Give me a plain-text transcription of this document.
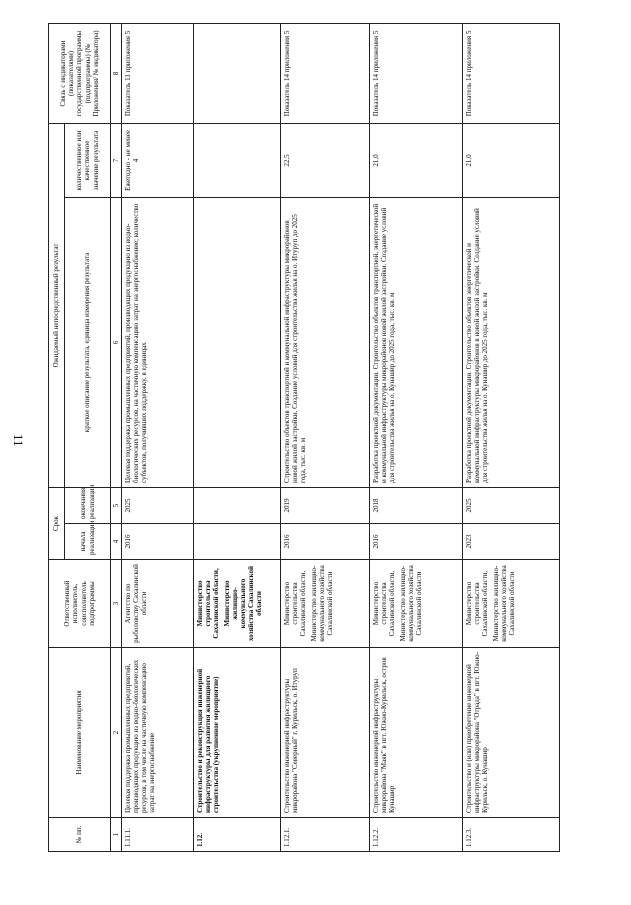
11
№ пп.	Наименование мероприятия	Ответственный исполнитель, соисполнитель подпрограммы	Срок		Ожидаемый непосредственный результат		Связь с индикаторами (показателями) государственной программы (подпрограммы) (№ Приложения/ № индикатора)
			начала реализации	окончания реализации	краткое описание результата, единица измерения результата	количественное или качественное значение результата	
1	2	3	4	5	6	7	8
1.11.1.	Целевая поддержка промышленных предприятий, производящих продукцию из водно-биологических ресурсов, в том числе на частичную компенсацию затрат на энергоснабжение	Агентство по рыболовству Сахалинской области	2016	2025	Целевая поддержка промышленных предприятий, производящих продукцию из водно-биологических ресурсов, на частичную компенсацию затрат на энергоснабжение; количество субъектов, получивших поддержку, в единицах	Ежегодно - не менее 4	Показатель 11 приложения 5
1.12.	Строительство и реконструкция инженерной инфраструктуры для развития жилищного строительства (укрупненное мероприятие)	Министерство строительства Сахалинской области, Министерство жилищно-коммунального хозяйства Сахалинской области					

1.12.1.	Строительство инженерной инфраструктуры микрорайона "Северный" г. Курильск, о. Итуруп	Министерство строительства Сахалинской области, Министерство жилищно-коммунального хозяйства Сахалинской области	2016	2019	Строительство объектов транспортной и коммунальной инфраструктуры микрорайонов новой жилой застройки. Создание условий для строительства жилья на о. Итуруп до 2025 года, тыс. кв. м	22,5	Показатель 14 приложения 5
1.12.2.	Строительство инженерной инфраструктуры микрорайона "Маяк" в пгт. Южно-Курильск, остров Кунашир	Министерство строительства Сахалинской области, Министерство жилищно-коммунального хозяйства Сахалинской области	2016	2018	Разработка проектной документации. Строительство объектов транспортной, энергетической и коммунальной инфраструктуры микрорайонов новой жилой застройки. Создание условий для строительства жилья на о. Кунашир до 2025 года, тыс. кв. м	21,0	Показатель 14 приложения 5
1.12.3.	Строительство и (или) приобретение инженерной инфраструктуры микрорайона "Отрада" в пгт. Южно-Курильск, о. Кунашир	Министерство строительства Сахалинской области, Министерство жилищно-коммунального хозяйства Сахалинской области	2023	2025	Разработка проектной документации. Строительство объектов энергетической и коммунальной инфраструктуры микрорайонов в новой жилой застройки. Создание условий для строительства жилья на о. Кунашир до 2025 года, тыс. кв. м	21,0	Показатель 14 приложения 5
